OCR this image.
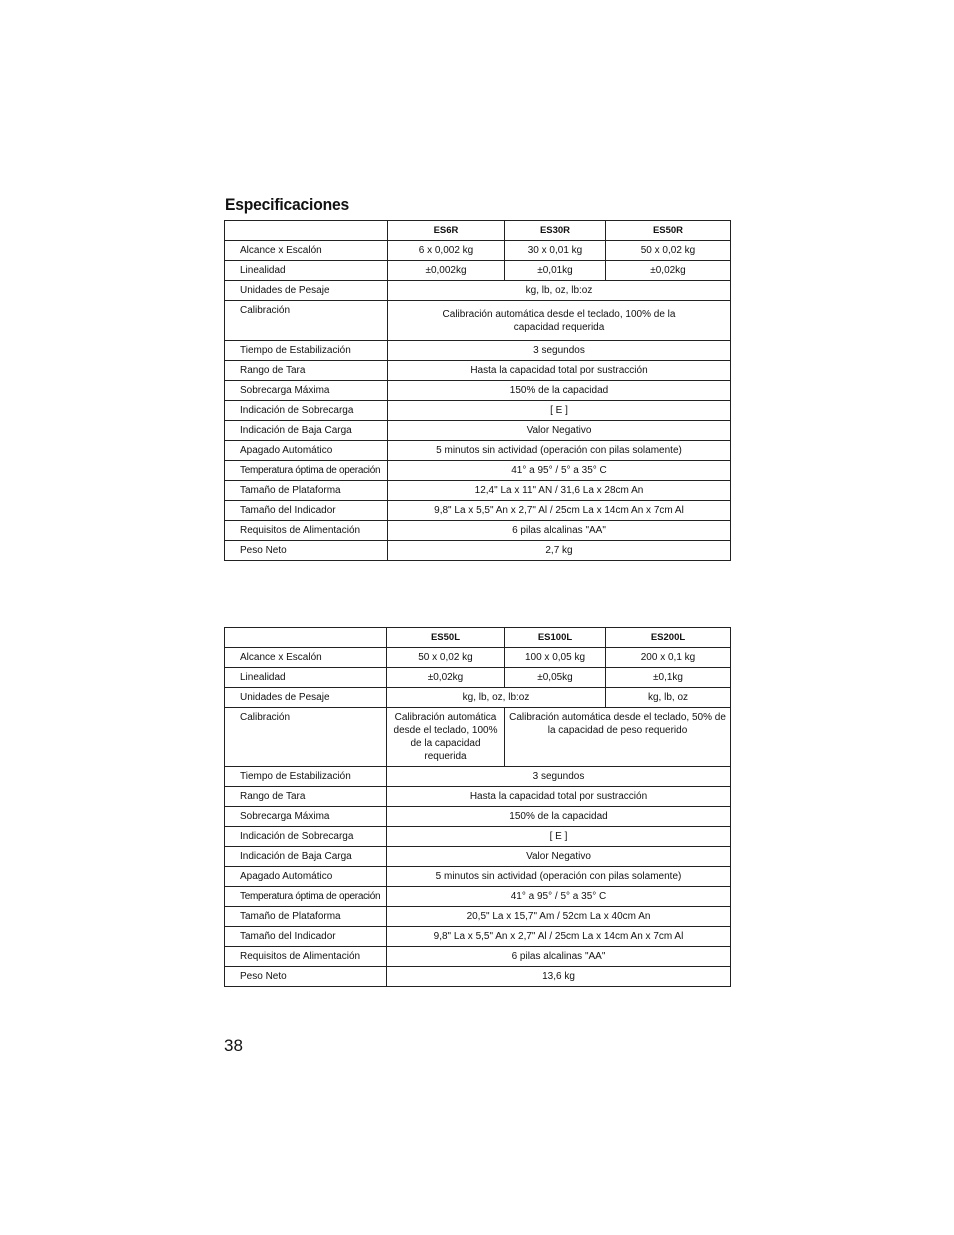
Especificaciones
	ES6R	ES30R	ES50R
Alcance x Escalón	6 x 0,002 kg	30 x 0,01 kg	50 x 0,02 kg
Linealidad	±0,002kg	±0,01kg	±0,02kg
Unidades de Pesaje	kg, lb, oz, lb:oz		
Calibración	Calibración automática desde el teclado, 100% de la capacidad requerida		

Tiempo de Estabilización	3 segundos		
Rango de Tara	Hasta la capacidad total por sustracción		
Sobrecarga Máxima	150% de la capacidad		
Indicación de Sobrecarga	[ E ]		
Indicación de Baja Carga	Valor Negativo		
Apagado Automático	5 minutos sin actividad (operación con pilas solamente)		
Temperatura óptima de operación	41° a 95° / 5° a 35° C		
Tamaño de Plataforma	12,4" La x 11" AN / 31,6 La x 28cm An		
Tamaño del Indicador	9,8" La x 5,5" An x 2,7" Al / 25cm La x 14cm An x 7cm Al		
Requisitos de Alimentación	6 pilas alcalinas "AA"		
Peso Neto	2,7 kg		
	ES50L	ES100L	ES200L
Alcance x Escalón	50 x 0,02 kg	100 x 0,05 kg	200 x 0,1 kg
Linealidad	±0,02kg	±0,05kg	±0,1kg
Unidades de Pesaje	kg, lb, oz, lb:oz		kg, lb, oz
Calibración	Calibración automática desde el teclado, 100% de la capacidad requerida	Calibración automática desde el teclado, 50% de la capacidad de peso requerido	
Tiempo de Estabilización	3 segundos		
Rango de Tara	Hasta la capacidad total por sustracción		
Sobrecarga Máxima	150% de la capacidad		
Indicación de Sobrecarga	[ E ]		
Indicación de Baja Carga	Valor Negativo		
Apagado Automático	5 minutos sin actividad (operación con pilas solamente)		
Temperatura óptima de operación	41° a 95° / 5° a 35° C		
Tamaño de Plataforma	20,5" La x 15,7" Am / 52cm La x 40cm An		
Tamaño del Indicador	9,8" La x 5,5" An x 2,7" Al / 25cm La x 14cm An x 7cm Al		
Requisitos de Alimentación	6 pilas alcalinas "AA"		
Peso Neto	13,6 kg		
38
